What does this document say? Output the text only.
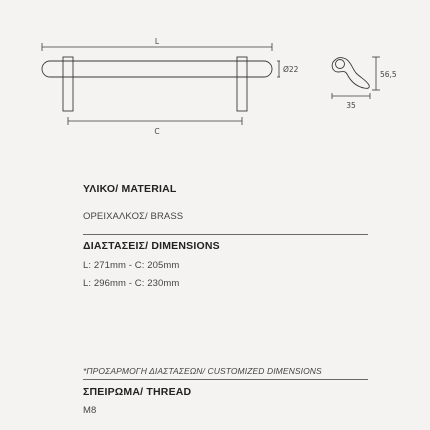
L
Ø22
C
35
56,5
ΥΛΙΚΟ/ MATERIAL
ΟΡΕΙΧΑΛΚΟΣ/ BRASS
ΔΙΑΣΤΑΣΕΙΣ/ DIMENSIONS
L: 271mm - C: 205mm
L: 296mm - C: 230mm
*ΠΡΟΣΑΡΜΟΓΗ ΔΙΑΣΤΑΣΕΩΝ/ CUSTOMIZED DIMENSIONS
ΣΠΕΙΡΩΜΑ/ THREAD
M8
